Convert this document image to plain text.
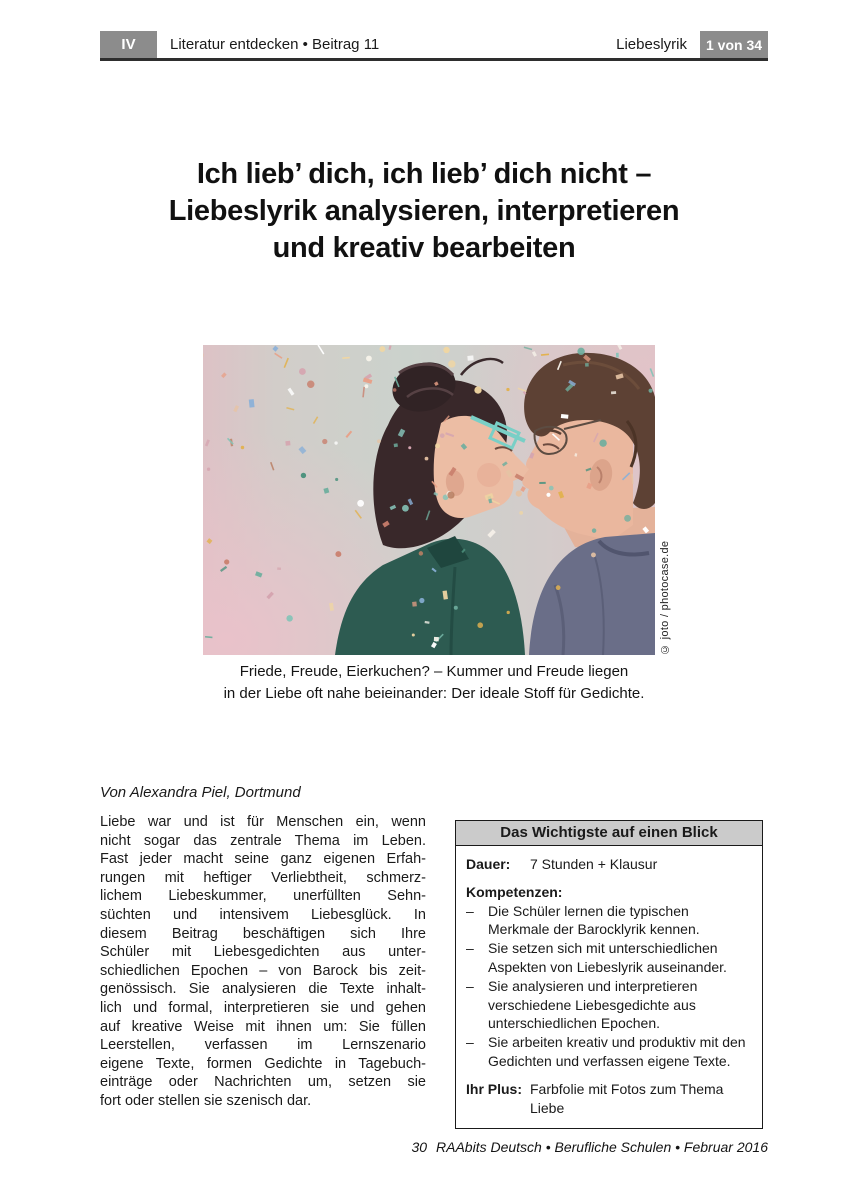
IV	Literatur entdecken • Beitrag 11	Liebeslyrik	1 von 34
Ich lieb’ dich, ich lieb’ dich nicht –
Liebeslyrik analysieren, interpretieren
und kreativ bearbeiten
© joto / photocase.de
Friede, Freude, Eierkuchen? – Kummer und Freude liegen
in der Liebe oft nahe beieinander: Der ideale Stoff für Gedichte.
Von Alexandra Piel, Dortmund
Liebe war und ist für Menschen ein, wenn
nicht sogar das zentrale Thema im Leben.
Fast jeder macht seine ganz eigenen Erfah-
rungen mit heftiger Verliebtheit, schmerz-
lichem Liebeskummer, unerfüllten Sehn-
süchten und intensivem Liebesglück. In
diesem Beitrag beschäftigen sich Ihre
Schüler mit Liebesgedichten aus unter-
schiedlichen Epochen – von Barock bis zeit-
genössisch. Sie analysieren die Texte inhalt-
lich und formal, interpretieren sie und gehen
auf kreative Weise mit ihnen um: Sie füllen
Leerstellen, verfassen im Lernszenario
eigene Texte, formen Gedichte in Tagebuch-
einträge oder Nachrichten um, setzen sie
fort oder stellen sie szenisch dar.
Das Wichtigste auf einen Blick
Dauer:	7 Stunden + Klausur
Kompetenzen:
–	Die Schüler lernen die typischen Merkmale der Barocklyrik kennen.
–	Sie setzen sich mit unterschiedlichen Aspekten von Liebeslyrik auseinander.
–	Sie analysieren und interpretieren verschiedene Liebesgedichte aus unterschiedlichen Epochen.
–	Sie arbeiten kreativ und produktiv mit den Gedichten und verfassen eigene Texte.
Ihr Plus: Farbfolie mit Fotos zum Thema Liebe
30 RAAbits Deutsch • Berufliche Schulen • Februar 2016
